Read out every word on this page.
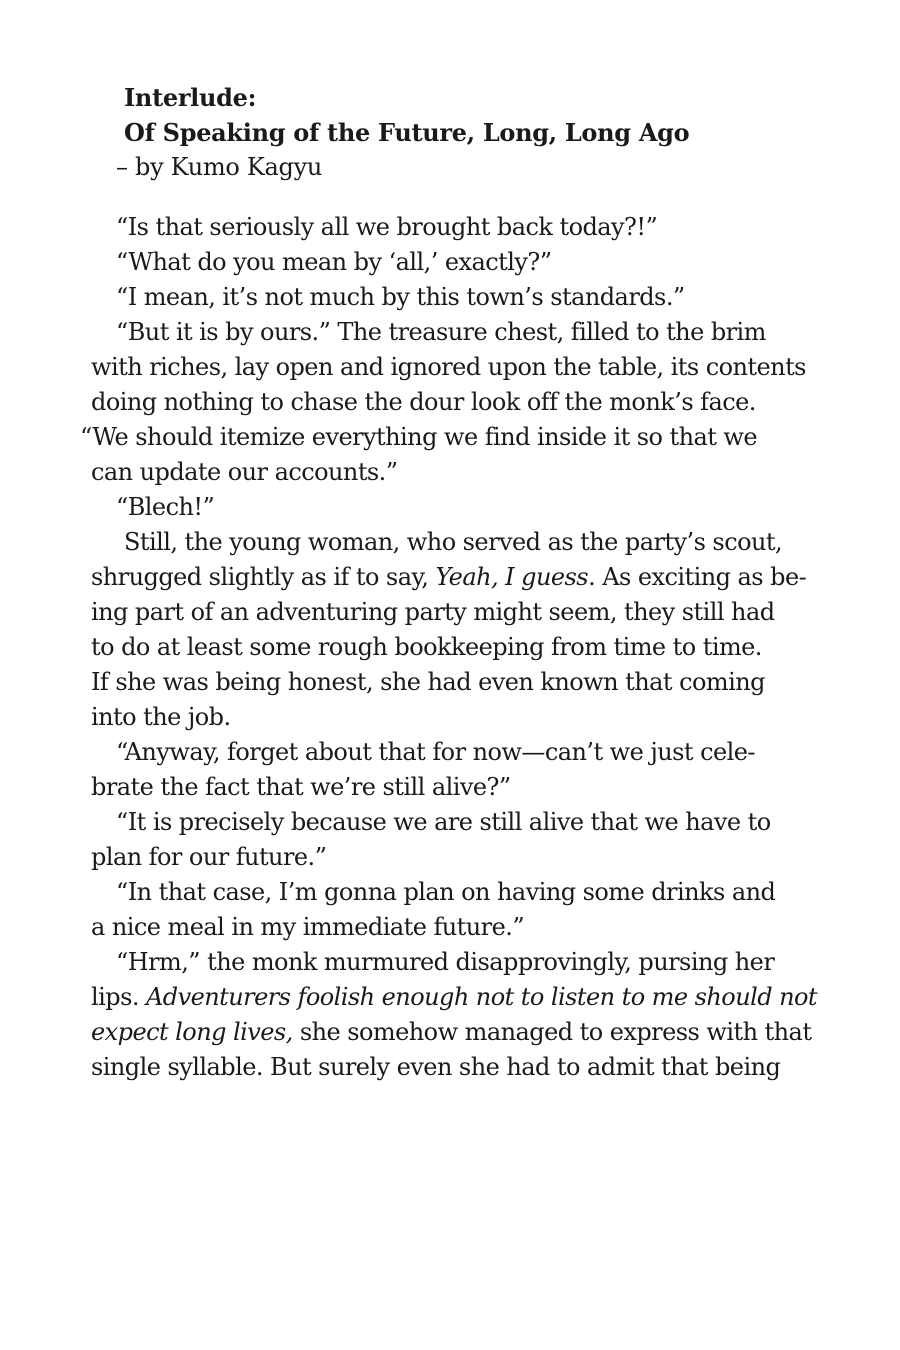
Interlude:
Of Speaking of the Future, Long, Long Ago
– by Kumo Kagyu
“Is that seriously all we brought back today?!”
“What do you mean by ‘all,’ exactly?”
“I mean, it’s not much by this town’s standards.”
“But it is by ours.” The treasure chest, filled to the brim
with riches, lay open and ignored upon the table, its contents
doing nothing to chase the dour look off the monk’s face.
“We should itemize everything we find inside it so that we
can update our accounts.”
“Blech!”
Still, the young woman, who served as the party’s scout,
shrugged slightly as if to say, Yeah, I guess. As exciting as be-
ing part of an adventuring party might seem, they still had
to do at least some rough bookkeeping from time to time.
If she was being honest, she had even known that coming
into the job.
“Anyway, forget about that for now—can’t we just cele-
brate the fact that we’re still alive?”
“It is precisely because we are still alive that we have to
plan for our future.”
“In that case, I’m gonna plan on having some drinks and
a nice meal in my immediate future.”
“Hrm,” the monk murmured disapprovingly, pursing her
lips. Adventurers foolish enough not to listen to me should not
expect long lives, she somehow managed to express with that
single syllable. But surely even she had to admit that being
